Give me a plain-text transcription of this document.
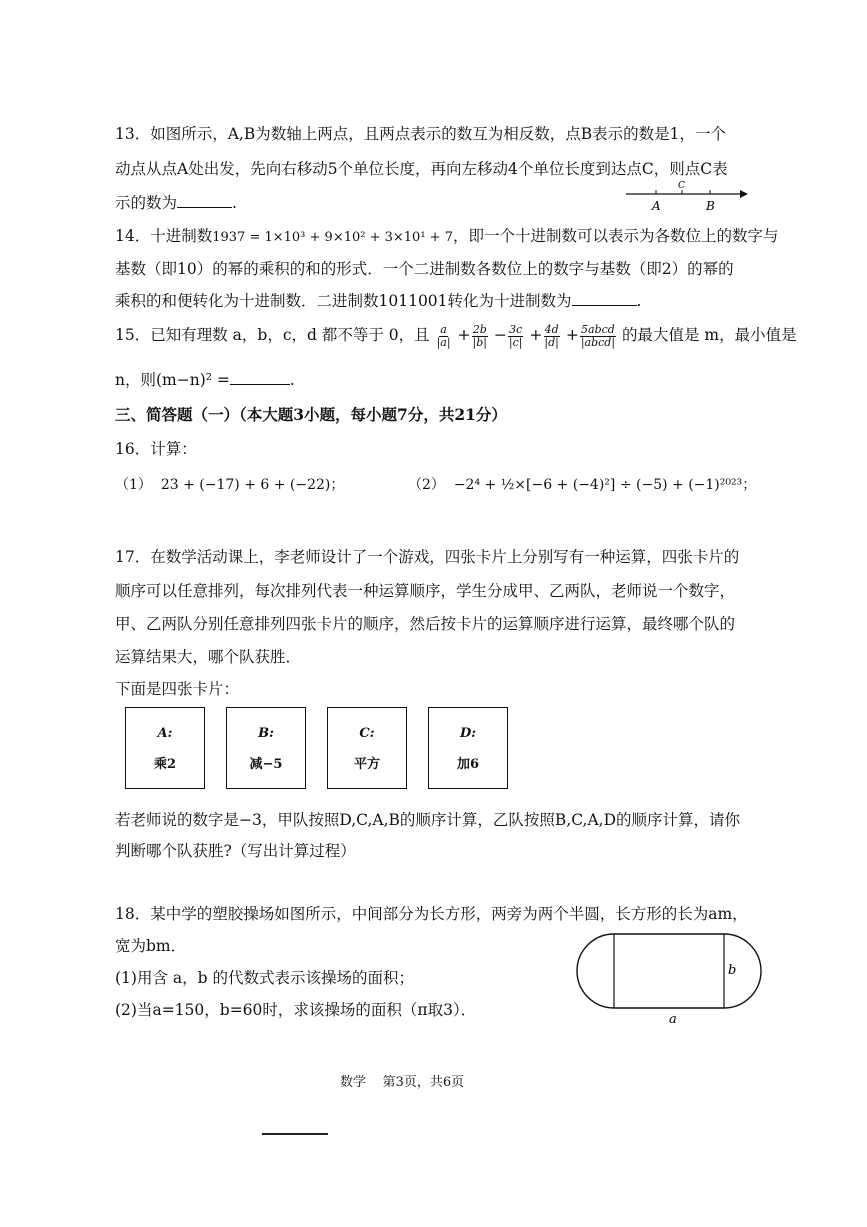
13．如图所示，A,B为数轴上两点，且两点表示的数互为相反数，点B表示的数是1，一个
动点从点A处出发，先向右移动5个单位长度，再向左移动4个单位长度到达点C，则点C表
示的数为	.	A
C
B
14．十进制数1937 = 1×10³ + 9×10² + 3×10¹ + 7，即一个十进制数可以表示为各数位上的数字与
基数（即10）的幂的乘积的和的形式．一个二进制数各数位上的数字与基数（即2）的幂的
乘积的和便转化为十进制数．二进制数1011001转化为十进制数为	.
15．已知有理数 a，b，c，d 都不等于 0，且 $\frac{a}{|a|} + \frac{2b}{|b|} - \frac{3c}{|c|} + \frac{4d}{|d|} + \frac{\text{5abcd}}{\text{|abcd|}}$ 的最大值是 m，最小值是
n，则(m−n)² =	.
三、简答题（一）（本大题3小题，每小题7分，共21分）
16．计算：
（1） 23 + (−17) + 6 + (−22)；	（2） −2⁴ + ½×[−6 + (−4)²] ÷ (−5) + (−1)²⁰²³；
17．在数学活动课上，李老师设计了一个游戏，四张卡片上分别写有一种运算，四张卡片的
顺序可以任意排列，每次排列代表一种运算顺序，学生分成甲、乙两队，老师说一个数字，
甲、乙两队分别任意排列四张卡片的顺序，然后按卡片的运算顺序进行运算，最终哪个队的
运算结果大，哪个队获胜．
下面是四张卡片：
A:
乘2
B:
减−5
C:
平方
D:
加6
若老师说的数字是−3，甲队按照D,C,A,B的顺序计算，乙队按照B,C,A,D的顺序计算，请你
判断哪个队获胜?（写出计算过程）
18．某中学的塑胶操场如图所示，中间部分为长方形，两旁为两个半圆，长方形的长为am，
宽为bm．
(1)用含 a，b 的代数式表示该操场的面积；
(2)当a=150，b=60时，求该操场的面积（π取3）．
b
a
数学 第3页，共6页
